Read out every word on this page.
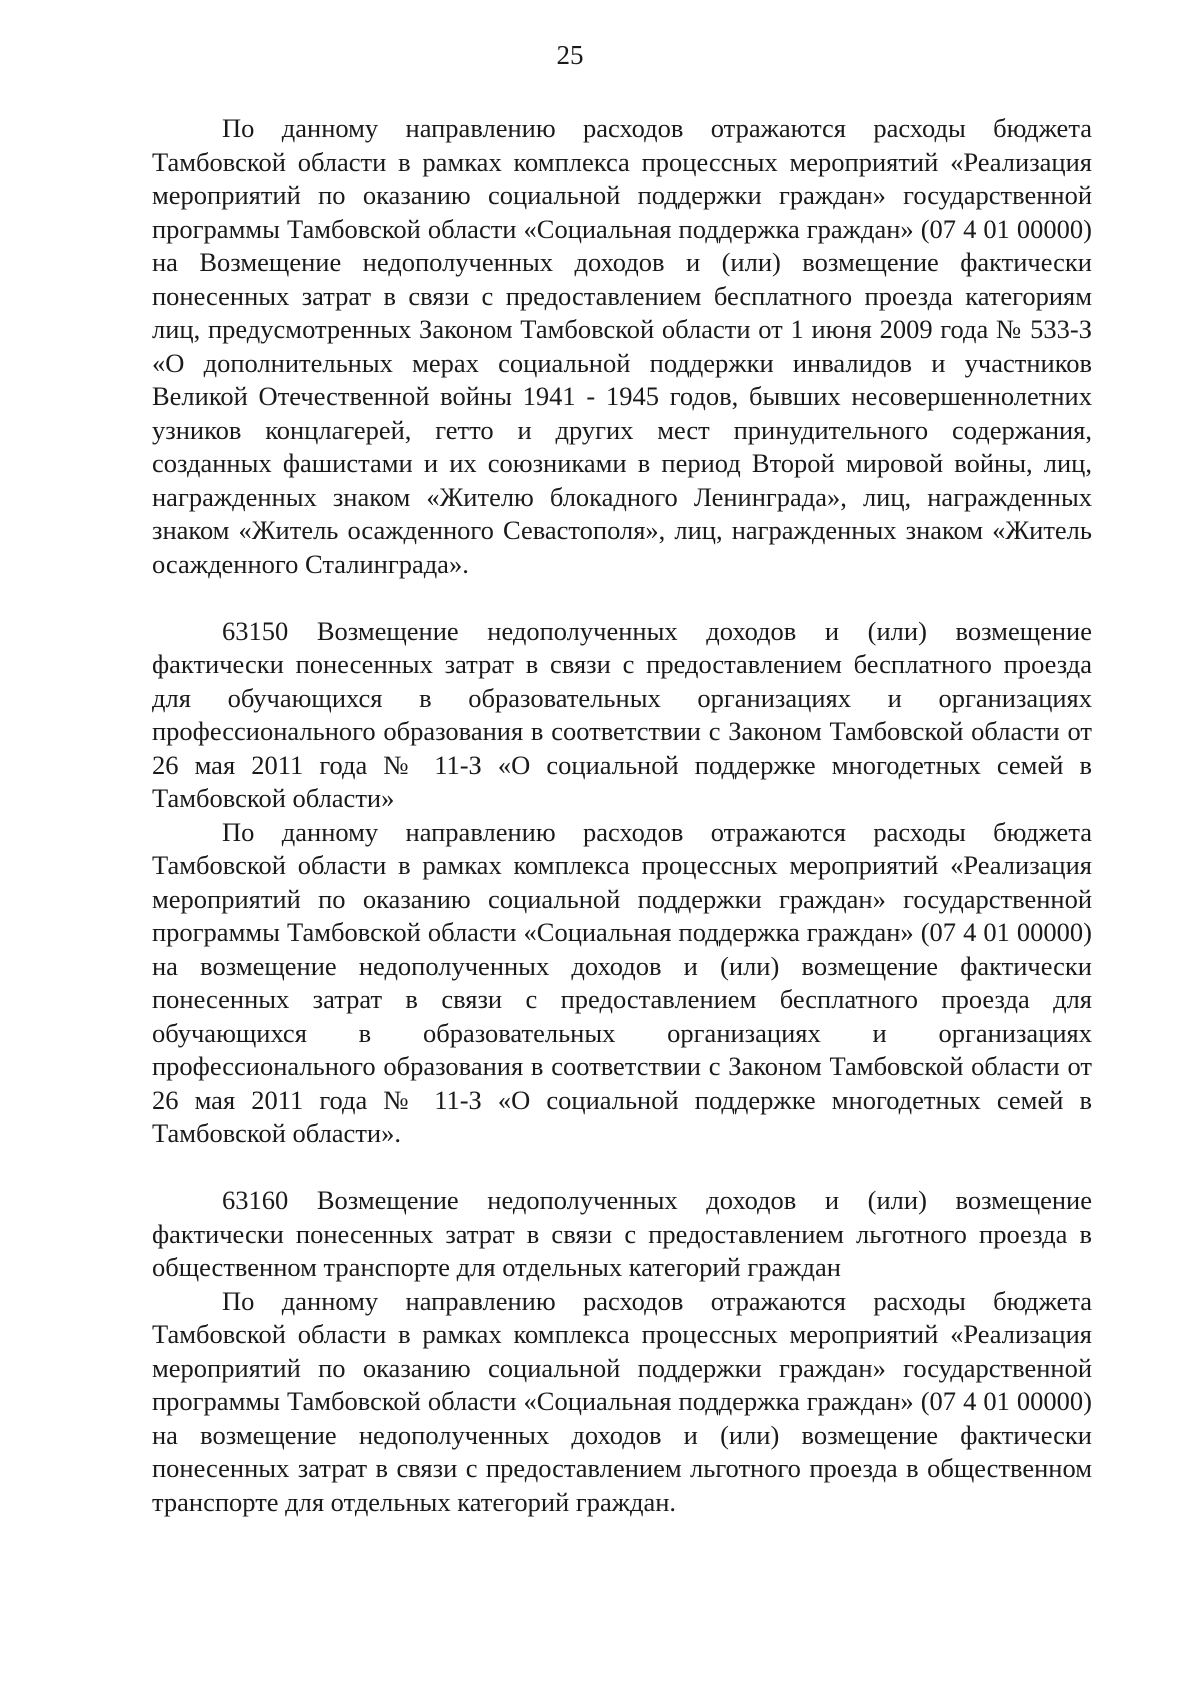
25

По данному направлению расходов отражаются расходы бюджета Тамбовской области в рамках комплекса процессных мероприятий «Реализация мероприятий по оказанию социальной поддержки граждан» государственной программы Тамбовской области «Социальная поддержка граждан» (07 4 01 00000) на Возмещение недополученных доходов и (или) возмещение фактически понесенных затрат в связи с предоставлением бесплатного проезда категориям лиц, предусмотренных Законом Тамбовской области от 1 июня 2009 года № 533-З «О дополнительных мерах социальной поддержки инвалидов и участников Великой Отечественной войны 1941 - 1945 годов, бывших несовершеннолетних узников концлагерей, гетто и других мест принудительного содержания, созданных фашистами и их союзниками в период Второй мировой войны, лиц, награжденных знаком «Жителю блокадного Ленинграда», лиц, награжденных знаком «Житель осажденного Севастополя», лиц, награжденных знаком «Житель осажденного Сталинграда».

63150 Возмещение недополученных доходов и (или) возмещение фактически понесенных затрат в связи с предоставлением бесплатного проезда для обучающихся в образовательных организациях и организациях профессионального образования в соответствии с Законом Тамбовской области от 26 мая 2011 года № 11-З «О социальной поддержке многодетных семей в Тамбовской области»

По данному направлению расходов отражаются расходы бюджета Тамбовской области в рамках комплекса процессных мероприятий «Реализация мероприятий по оказанию социальной поддержки граждан» государственной программы Тамбовской области «Социальная поддержка граждан» (07 4 01 00000) на возмещение недополученных доходов и (или) возмещение фактически понесенных затрат в связи с предоставлением бесплатного проезда для обучающихся в образовательных организациях и организациях профессионального образования в соответствии с Законом Тамбовской области от 26 мая 2011 года № 11-З «О социальной поддержке многодетных семей в Тамбовской области».

63160 Возмещение недополученных доходов и (или) возмещение фактически понесенных затрат в связи с предоставлением льготного проезда в общественном транспорте для отдельных категорий граждан

По данному направлению расходов отражаются расходы бюджета Тамбовской области в рамках комплекса процессных мероприятий «Реализация мероприятий по оказанию социальной поддержки граждан» государственной программы Тамбовской области «Социальная поддержка граждан» (07 4 01 00000) на возмещение недополученных доходов и (или) возмещение фактически понесенных затрат в связи с предоставлением льготного проезда в общественном транспорте для отдельных категорий граждан.
